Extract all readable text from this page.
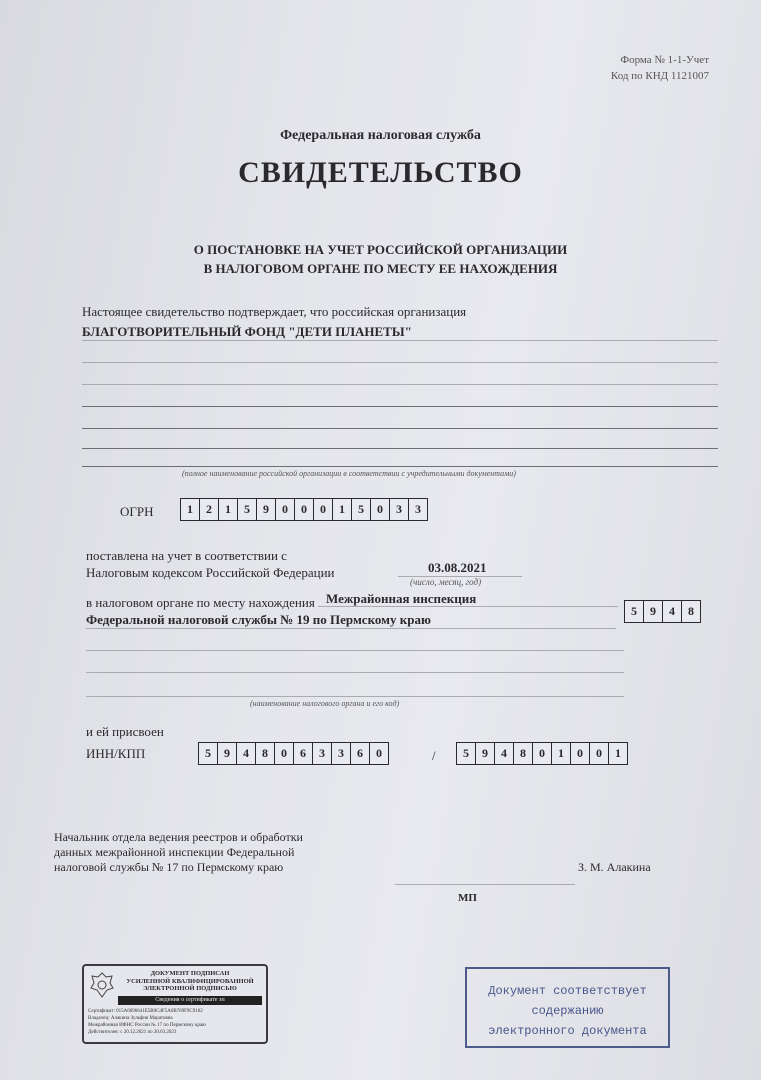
Форма № 1-1-Учет
Код по КНД 1121007
Федеральная налоговая служба
СВИДЕТЕЛЬСТВО
О ПОСТАНОВКЕ НА УЧЕТ РОССИЙСКОЙ ОРГАНИЗАЦИИ
В НАЛОГОВОМ ОРГАНЕ ПО МЕСТУ ЕЕ НАХОЖДЕНИЯ
Настоящее свидетельство подтверждает, что российская организация
БЛАГОТВОРИТЕЛЬНЫЙ ФОНД "ДЕТИ ПЛАНЕТЫ"
(полное наименование российской организации в соответствии с учредительными документами)
ОГРН	1	2	1	5	9	0	0	0	1	5	0	3	3
поставлена на учет в соответствии с
Налоговым кодексом Российской Федерации	03.08.2021
(число, месяц, год)
в налоговом органе по месту нахождения Межрайонная инспекция
5	9	4	8
Федеральной налоговой службы № 19 по Пермскому краю
(наименование налогового органа и его код)
и ей присвоен
ИНН/КПП	5	9	4	8	0	6	3	3	6	0	/	5	9	4	8	0	1	0	0	1
Начальник отдела ведения реестров и обработки
данных межрайонной инспекции Федеральной
налоговой службы № 17 по Пермскому краю	З. М. Алакина
МП
ДОКУМЕНТ ПОДПИСАН
УСИЛЕННОЙ КВАЛИФИЦИРОВАННОЙ
ЭЛЕКТРОННОЙ ПОДПИСЬЮ
Сведения о сертификате эп
Сертификат: 015A6096641E5B0C4F5A0B769F9C9102
Владелец: Алакина Зульфия Маратовна
Межрайонная ИФНС России № 17 по Пермскому краю
Действителен: с 20.12.2021 по 20.03.2023
Документ соответствует
содержанию
электронного документа
